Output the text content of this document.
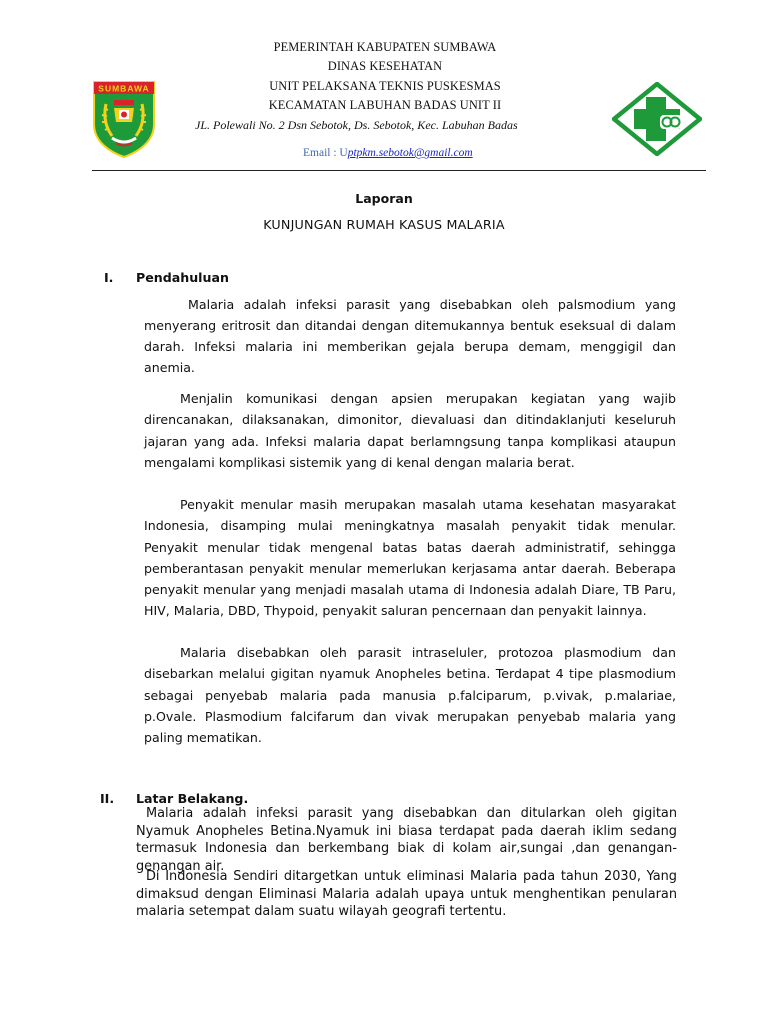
SUMBAWA
PEMERINTAH KABUPATEN SUMBAWA
DINAS KESEHATAN
UNIT PELAKSANA TEKNIS PUSKESMAS
KECAMATAN LABUHAN BADAS UNIT II
JL. Polewali No. 2 Dsn Sebotok, Ds. Sebotok, Kec. Labuhan Badas
Email : Uptpkm.sebotok@gmail.com
Laporan
KUNJUNGAN RUMAH KASUS MALARIA
I. Pendahuluan

Malaria adalah infeksi parasit yang disebabkan oleh palsmodium yang menyerang eritrosit dan ditandai dengan ditemukannya bentuk eseksual di dalam darah. Infeksi malaria ini memberikan gejala berupa demam, menggigil dan anemia.

Menjalin komunikasi dengan apsien merupakan kegiatan yang wajib direncanakan, dilaksanakan, dimonitor, dievaluasi dan ditindaklanjuti keseluruh jajaran yang ada. Infeksi malaria dapat berlamngsung tanpa komplikasi ataupun mengalami komplikasi sistemik yang di kenal dengan malaria berat.

Penyakit menular masih merupakan masalah utama kesehatan masyarakat Indonesia, disamping mulai meningkatnya masalah penyakit tidak menular. Penyakit menular tidak mengenal batas batas daerah administratif, sehingga pemberantasan penyakit menular memerlukan kerjasama antar daerah. Beberapa penyakit menular yang menjadi masalah utama di Indonesia adalah Diare, TB Paru, HIV, Malaria, DBD, Thypoid, penyakit saluran pencernaan dan penyakit lainnya.

Malaria disebabkan oleh parasit intraseluler, protozoa plasmodium dan disebarkan melalui gigitan nyamuk Anopheles betina. Terdapat 4 tipe plasmodium sebagai penyebab malaria pada manusia p.falciparum, p.vivak, p.malariae, p.Ovale. Plasmodium falcifarum dan vivak merupakan penyebab malaria yang paling mematikan.

II. Latar Belakang.

Malaria adalah infeksi parasit yang disebabkan dan ditularkan oleh gigitan Nyamuk Anopheles Betina.Nyamuk ini biasa terdapat pada daerah iklim sedang termasuk Indonesia dan berkembang biak di kolam air,sungai ,dan genangan-genangan air.

Di Indonesia Sendiri ditargetkan untuk eliminasi Malaria pada tahun 2030, Yang dimaksud dengan Eliminasi Malaria adalah upaya untuk menghentikan penularan malaria setempat dalam suatu wilayah geografi tertentu.
